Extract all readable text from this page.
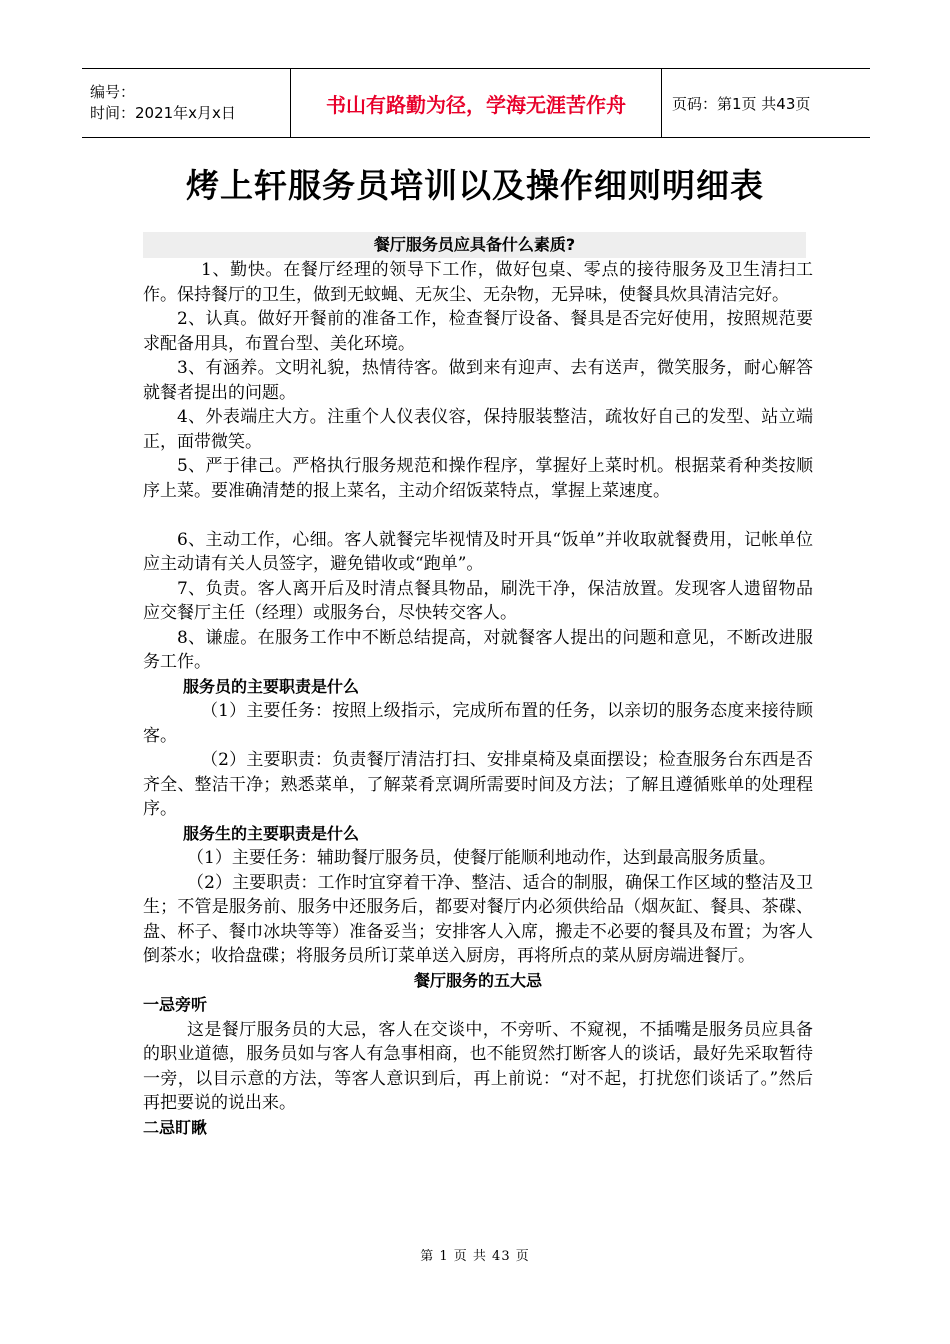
编号：
时间：2021年x月x日	书山有路勤为径，学海无涯苦作舟	页码：第1页 共43页
烤上轩服务员培训以及操作细则明细表
餐厅服务员应具备什么素质?

1、勤快。在餐厅经理的领导下工作，做好包桌、零点的接待服务及卫生清扫工作。保持餐厅的卫生，做到无蚊蝇、无灰尘、无杂物，无异味，使餐具炊具清洁完好。

2、认真。做好开餐前的准备工作，检查餐厅设备、餐具是否完好使用，按照规范要求配备用具，布置台型、美化环境。

3、有涵养。文明礼貌，热情待客。做到来有迎声、去有送声，微笑服务，耐心解答就餐者提出的问题。

4、外表端庄大方。注重个人仪表仪容，保持服装整洁，疏妆好自己的发型、站立端正，面带微笑。

5、严于律己。严格执行服务规范和操作程序，掌握好上菜时机。根据菜肴种类按顺序上菜。要准确清楚的报上菜名，主动介绍饭菜特点，掌握上菜速度。

6、主动工作，心细。客人就餐完毕视情及时开具“饭单”并收取就餐费用，记帐单位应主动请有关人员签字，避免错收或“跑单”。

7、负责。客人离开后及时清点餐具物品，刷洗干净，保洁放置。发现客人遗留物品应交餐厅主任（经理）或服务台，尽快转交客人。

8、谦虚。在服务工作中不断总结提高，对就餐客人提出的问题和意见，不断改进服务工作。

服务员的主要职责是什么

（1）主要任务：按照上级指示，完成所布置的任务，以亲切的服务态度来接待顾客。

（2）主要职责：负责餐厅清洁打扫、安排桌椅及桌面摆设；检查服务台东西是否齐全、整洁干净；熟悉菜单，了解菜肴烹调所需要时间及方法；了解且遵循账单的处理程序。

服务生的主要职责是什么

（1）主要任务：辅助餐厅服务员，使餐厅能顺利地动作，达到最高服务质量。

（2）主要职责：工作时宜穿着干净、整洁、适合的制服，确保工作区域的整洁及卫生；不管是服务前、服务中还服务后，都要对餐厅内必须供给品（烟灰缸、餐具、茶碟、盘、杯子、餐巾冰块等等）准备妥当；安排客人入席，搬走不必要的餐具及布置；为客人倒茶水；收拾盘碟；将服务员所订菜单送入厨房，再将所点的菜从厨房端进餐厅。

餐厅服务的五大忌

一忌旁听

这是餐厅服务员的大忌，客人在交谈中，不旁听、不窥视，不插嘴是服务员应具备的职业道德，服务员如与客人有急事相商，也不能贸然打断客人的谈话，最好先采取暂待一旁，以目示意的方法，等客人意识到后，再上前说：“对不起，打扰您们谈话了。”然后再把要说的说出来。

二忌盯瞅

第 1 页 共 43 页
